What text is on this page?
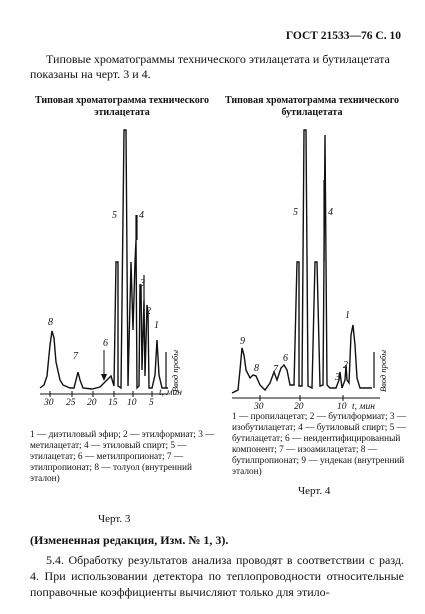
ГОСТ 21533—76 С. 10
Типовые хроматограммы технического этилацетата и бутилацетата показаны на черт. 3 и 4.
Типовая хроматограмма технического этилацетата
8
7
6
5 4
3
2
1
Ввод пробы
30 25 20 15 10 5
t, мин
1 — диэтиловый эфир; 2 — этилформиат; 3 — метилацетат; 4 — этиловый спирт; 5 — этилацетат; 6 — метилпропионат; 7 — этилпропионат; 8 — толуол (внутренний эталон)
Черт. 3
Типовая хроматограмма технического бутилацетата
9
8 7
6
5	4
3
2
1
Ввод пробы
30	20	10 t, мин
1 — пропилацетат; 2 — бутилформиат; 3 — изобутилацетат; 4 — бутиловый спирт; 5 — бутилацетат; 6 — неидентифицированный компонент; 7 — изоамилацетат; 8 — бутилпропионат; 9 — ундекан (внутренний эталон)
Черт. 4
(Измененная редакция, Изм. № 1, 3).
5.4. Обработку результатов анализа проводят в соответствии с разд. 4. При использовании детектора по теплопроводности относительные поправочные коэффициенты вычисляют только для этило-
